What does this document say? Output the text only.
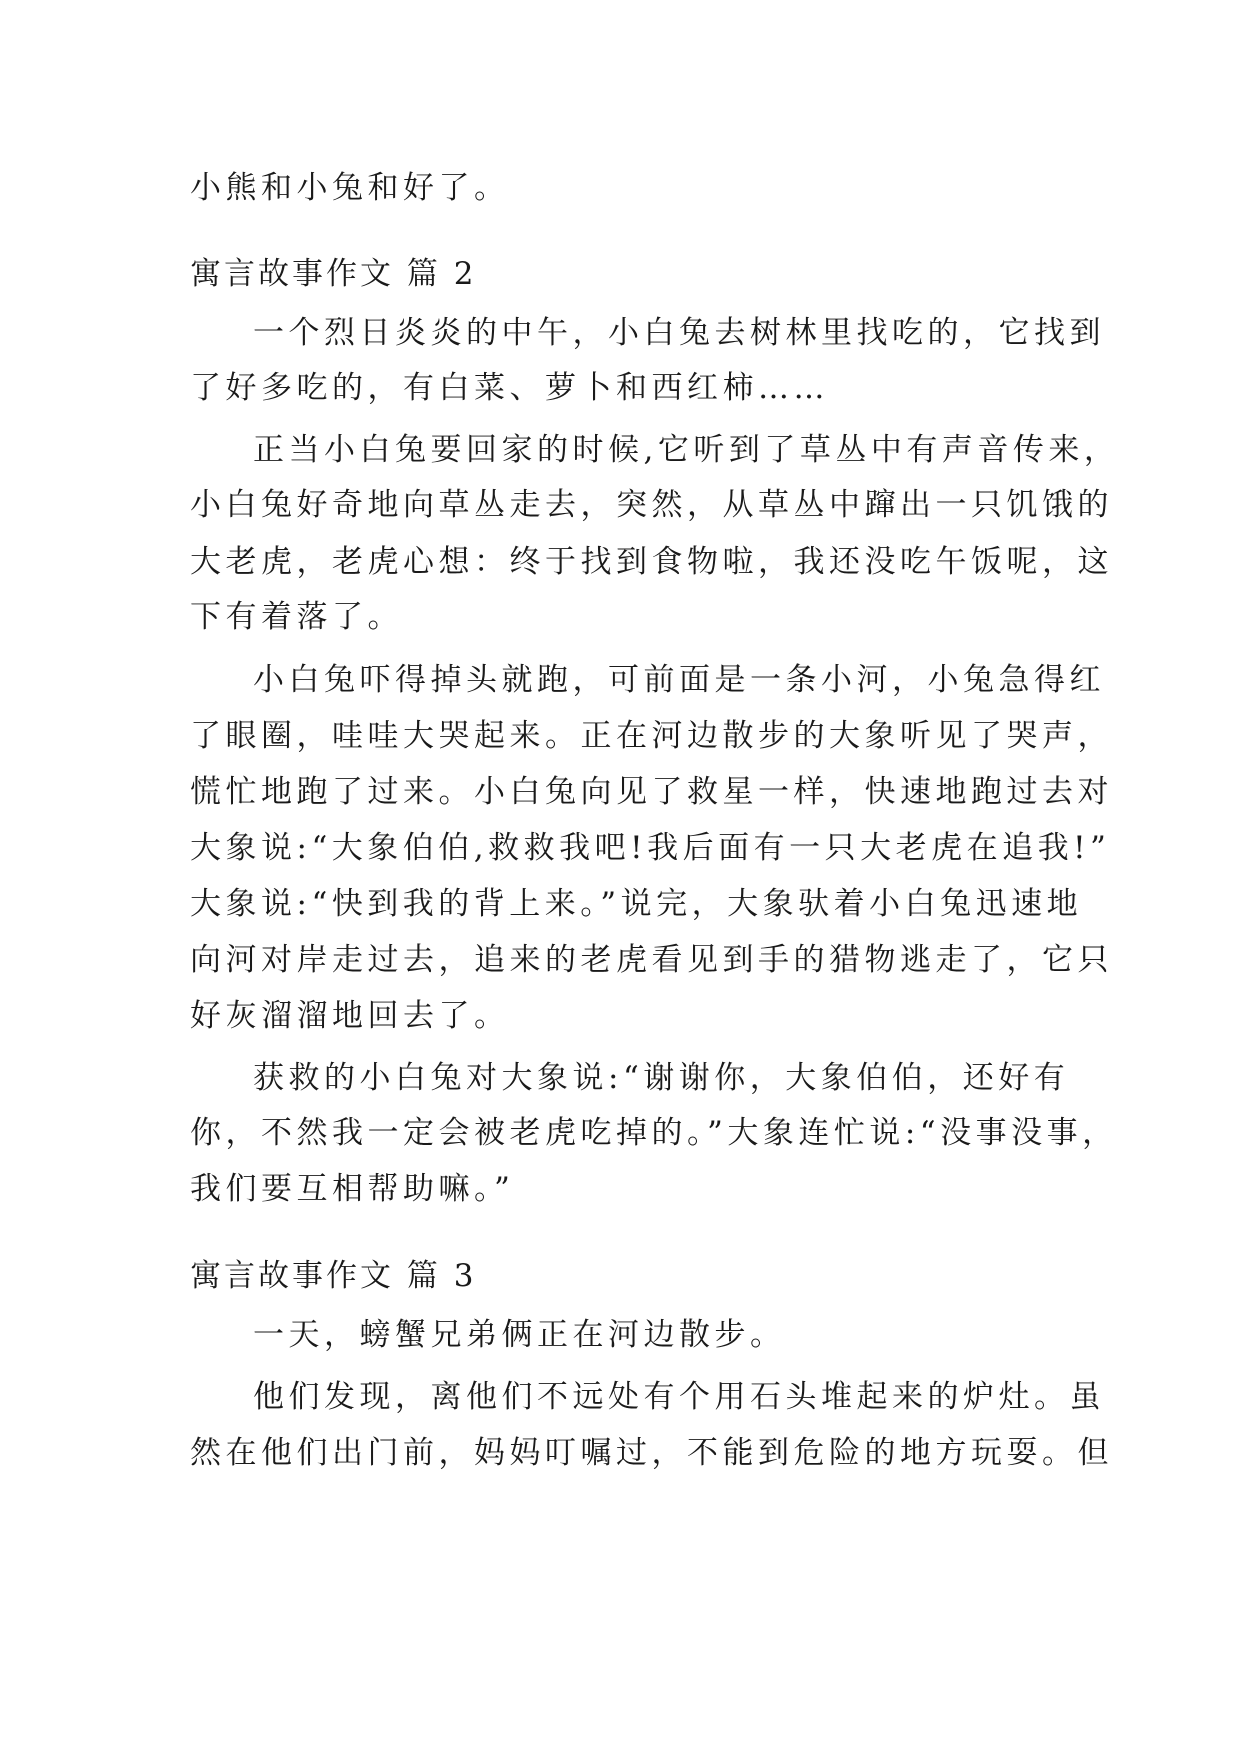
小熊和小兔和好了。
寓言故事作文 篇 2
一个烈日炎炎的中午，小白兔去树林里找吃的，它找到
了好多吃的，有白菜、萝卜和西红柿……
正当小白兔要回家的时候,它听到了草丛中有声音传来，
小白兔好奇地向草丛走去，突然，从草丛中蹿出一只饥饿的
大老虎，老虎心想：终于找到食物啦，我还没吃午饭呢，这
下有着落了。
小白兔吓得掉头就跑，可前面是一条小河，小兔急得红
了眼圈，哇哇大哭起来。正在河边散步的大象听见了哭声，
慌忙地跑了过来。小白兔向见了救星一样，快速地跑过去对
大象说:“大象伯伯,救救我吧!我后面有一只大老虎在追我!”
大象说:“快到我的背上来。”说完，大象驮着小白兔迅速地
向河对岸走过去，追来的老虎看见到手的猎物逃走了，它只
好灰溜溜地回去了。
获救的小白兔对大象说:“谢谢你，大象伯伯，还好有
你，不然我一定会被老虎吃掉的。”大象连忙说:“没事没事，
我们要互相帮助嘛。”
寓言故事作文 篇 3
一天，螃蟹兄弟俩正在河边散步。
他们发现，离他们不远处有个用石头堆起来的炉灶。虽
然在他们出门前，妈妈叮嘱过，不能到危险的地方玩耍。但
